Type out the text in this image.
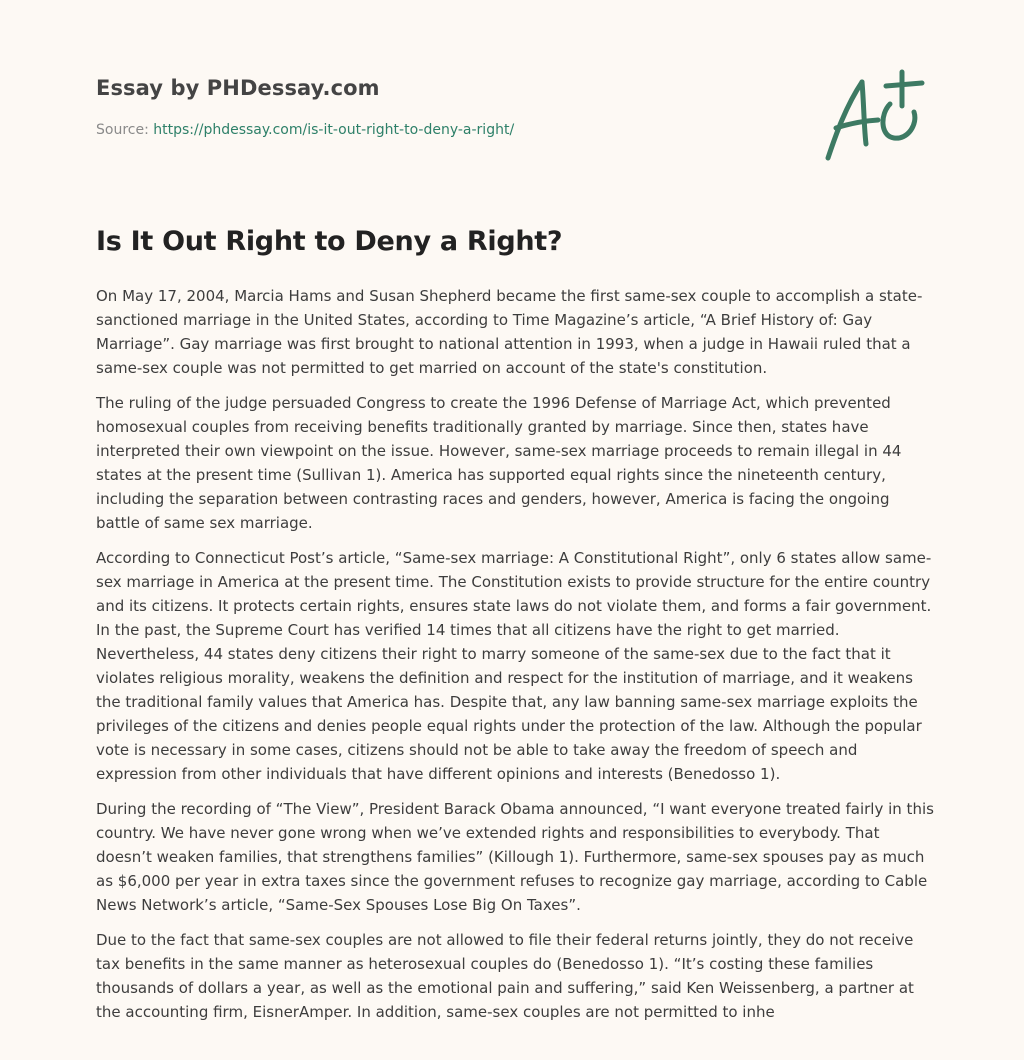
Essay by PHDessay.com
Source: https://phdessay.com/is-it-out-right-to-deny-a-right/
Is It Out Right to Deny a Right?

On May 17, 2004, Marcia Hams and Susan Shepherd became the first same-sex couple to accomplish a state-sanctioned marriage in the United States, according to Time Magazine’s article, “A Brief History of: Gay Marriage”. Gay marriage was first brought to national attention in 1993, when a judge in Hawaii ruled that a same-sex couple was not permitted to get married on account of the state's constitution.

The ruling of the judge persuaded Congress to create the 1996 Defense of Marriage Act, which prevented homosexual couples from receiving benefits traditionally granted by marriage. Since then, states have interpreted their own viewpoint on the issue. However, same-sex marriage proceeds to remain illegal in 44 states at the present time (Sullivan 1). America has supported equal rights since the nineteenth century, including the separation between contrasting races and genders, however, America is facing the ongoing battle of same sex marriage.

According to Connecticut Post’s article, “Same-sex marriage: A Constitutional Right”, only 6 states allow same-sex marriage in America at the present time. The Constitution exists to provide structure for the entire country and its citizens. It protects certain rights, ensures state laws do not violate them, and forms a fair government. In the past, the Supreme Court has verified 14 times that all citizens have the right to get married. Nevertheless, 44 states deny citizens their right to marry someone of the same-sex due to the fact that it violates religious morality, weakens the definition and respect for the institution of marriage, and it weakens the traditional family values that America has. Despite that, any law banning same-sex marriage exploits the privileges of the citizens and denies people equal rights under the protection of the law. Although the popular vote is necessary in some cases, citizens should not be able to take away the freedom of speech and expression from other individuals that have different opinions and interests (Benedosso 1).

During the recording of “The View”, President Barack Obama announced, “I want everyone treated fairly in this country. We have never gone wrong when we’ve extended rights and responsibilities to everybody. That doesn’t weaken families, that strengthens families” (Killough 1). Furthermore, same-sex spouses pay as much as $6,000 per year in extra taxes since the government refuses to recognize gay marriage, according to Cable News Network’s article, “Same-Sex Spouses Lose Big On Taxes”.

Due to the fact that same-sex couples are not allowed to file their federal returns jointly, they do not receive tax benefits in the same manner as heterosexual couples do (Benedosso 1). “It’s costing these families thousands of dollars a year, as well as the emotional pain and suffering,” said Ken Weissenberg, a partner at the accounting firm, EisnerAmper. In addition, same-sex couples are not permitted to inhe
